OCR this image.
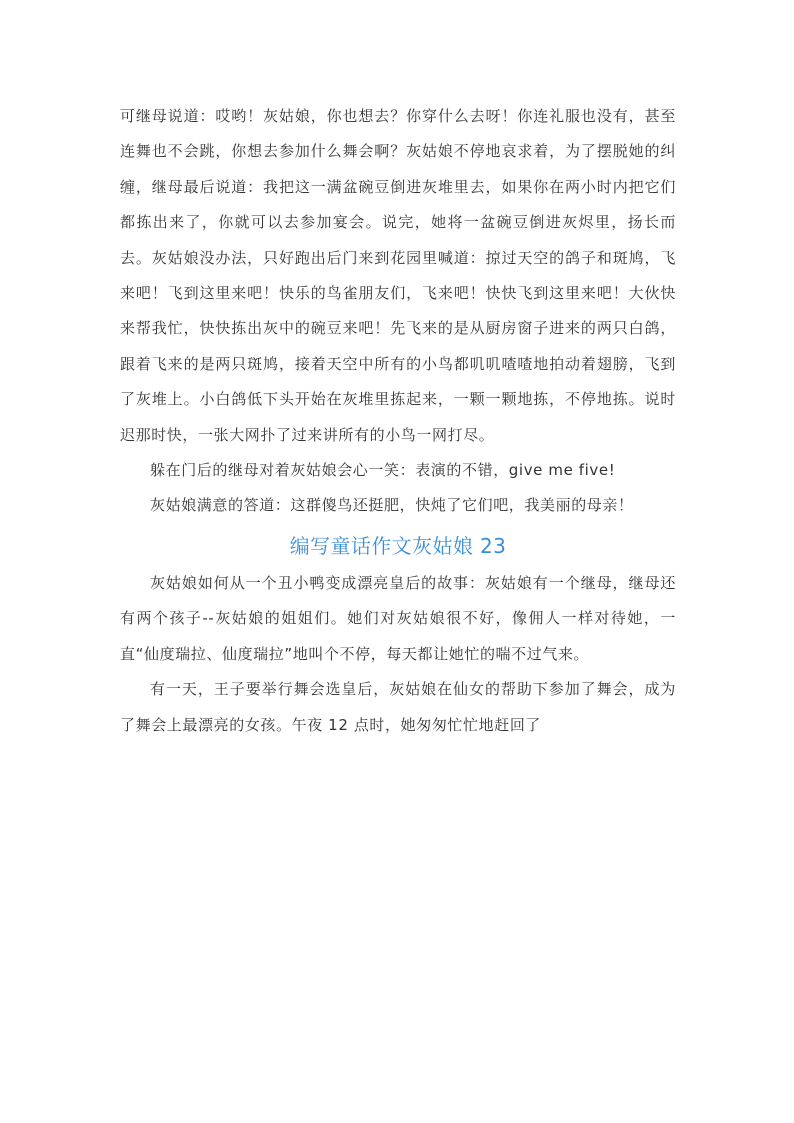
可继母说道：哎哟！灰姑娘，你也想去？你穿什么去呀！你连礼服也没有，甚至连舞也不会跳，你想去参加什么舞会啊？灰姑娘不停地哀求着，为了摆脱她的纠缠，继母最后说道：我把这一满盆碗豆倒进灰堆里去，如果你在两小时内把它们都拣出来了，你就可以去参加宴会。说完，她将一盆碗豆倒进灰烬里，扬长而去。灰姑娘没办法，只好跑出后门来到花园里喊道：掠过天空的鸽子和斑鸠，飞来吧！飞到这里来吧！快乐的鸟雀朋友们，飞来吧！快快飞到这里来吧！大伙快来帮我忙，快快拣出灰中的碗豆来吧！先飞来的是从厨房窗子进来的两只白鸽，跟着飞来的是两只斑鸠，接着天空中所有的小鸟都叽叽喳喳地拍动着翅膀，飞到了灰堆上。小白鸽低下头开始在灰堆里拣起来，一颗一颗地拣，不停地拣。说时迟那时快，一张大网扑了过来讲所有的小鸟一网打尽。

躲在门后的继母对着灰姑娘会心一笑：表演的不错，give me five!

灰姑娘满意的答道：这群傻鸟还挺肥，快炖了它们吧，我美丽的母亲！

编写童话作文灰姑娘 23

灰姑娘如何从一个丑小鸭变成漂亮皇后的故事：灰姑娘有一个继母，继母还有两个孩子--灰姑娘的姐姐们。她们对灰姑娘很不好，像佣人一样对待她，一直“仙度瑞拉、仙度瑞拉”地叫个不停，每天都让她忙的喘不过气来。

有一天，王子要举行舞会选皇后，灰姑娘在仙女的帮助下参加了舞会，成为了舞会上最漂亮的女孩。午夜 12 点时，她匆匆忙忙地赶回了
